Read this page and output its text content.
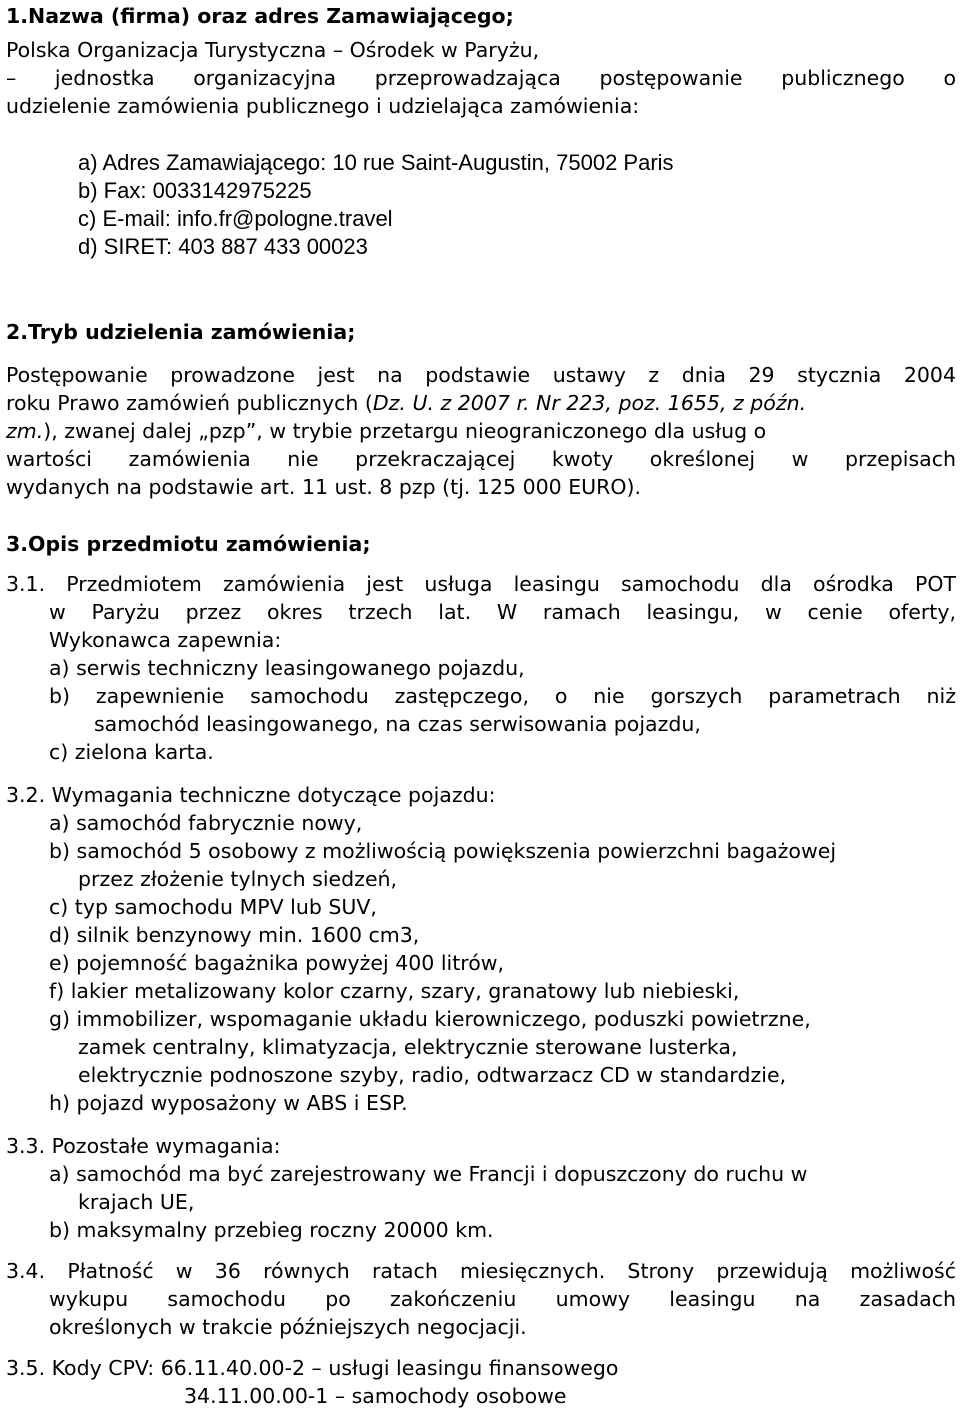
1.Nazwa (firma) oraz adres Zamawiającego;
Polska Organizacja Turystyczna – Ośrodek w Paryżu,
– jednostka organizacyjna przeprowadzająca postępowanie publicznego o
udzielenie zamówienia publicznego i udzielająca zamówienia:
a) Adres Zamawiającego: 10 rue Saint-Augustin, 75002 Paris
b) Fax: 0033142975225
c) E-mail: info.fr@pologne.travel
d) SIRET: 403 887 433 00023
2.Tryb udzielenia zamówienia;
Postępowanie prowadzone jest na podstawie ustawy z dnia 29 stycznia 2004
roku Prawo zamówień publicznych (Dz. U. z 2007 r. Nr 223, poz. 1655, z późn.
zm.), zwanej dalej „pzp”, w trybie przetargu nieograniczonego dla usług o
wartości zamówienia nie przekraczającej kwoty określonej w przepisach
wydanych na podstawie art. 11 ust. 8 pzp (tj. 125 000 EURO).
3.Opis przedmiotu zamówienia;
3.1. Przedmiotem zamówienia jest usługa leasingu samochodu dla ośrodka POT
w Paryżu przez okres trzech lat. W ramach leasingu, w cenie oferty,
Wykonawca zapewnia:
a) serwis techniczny leasingowanego pojazdu,
b) zapewnienie samochodu zastępczego, o nie gorszych parametrach niż
samochód leasingowanego, na czas serwisowania pojazdu,
c) zielona karta.
3.2. Wymagania techniczne dotyczące pojazdu:
a) samochód fabrycznie nowy,
b) samochód 5 osobowy z możliwością powiększenia powierzchni bagażowej
przez złożenie tylnych siedzeń,
c) typ samochodu MPV lub SUV,
d) silnik benzynowy min. 1600 cm3,
e) pojemność bagażnika powyżej 400 litrów,
f) lakier metalizowany kolor czarny, szary, granatowy lub niebieski,
g) immobilizer, wspomaganie układu kierowniczego, poduszki powietrzne,
zamek centralny, klimatyzacja, elektrycznie sterowane lusterka,
elektrycznie podnoszone szyby, radio, odtwarzacz CD w standardzie,
h) pojazd wyposażony w ABS i ESP.
3.3. Pozostałe wymagania:
a) samochód ma być zarejestrowany we Francji i dopuszczony do ruchu w
krajach UE,
b) maksymalny przebieg roczny 20000 km.
3.4. Płatność w 36 równych ratach miesięcznych. Strony przewidują możliwość
wykupu samochodu po zakończeniu umowy leasingu na zasadach
określonych w trakcie późniejszych negocjacji.
3.5. Kody CPV: 66.11.40.00-2 – usługi leasingu finansowego
34.11.00.00-1 – samochody osobowe
